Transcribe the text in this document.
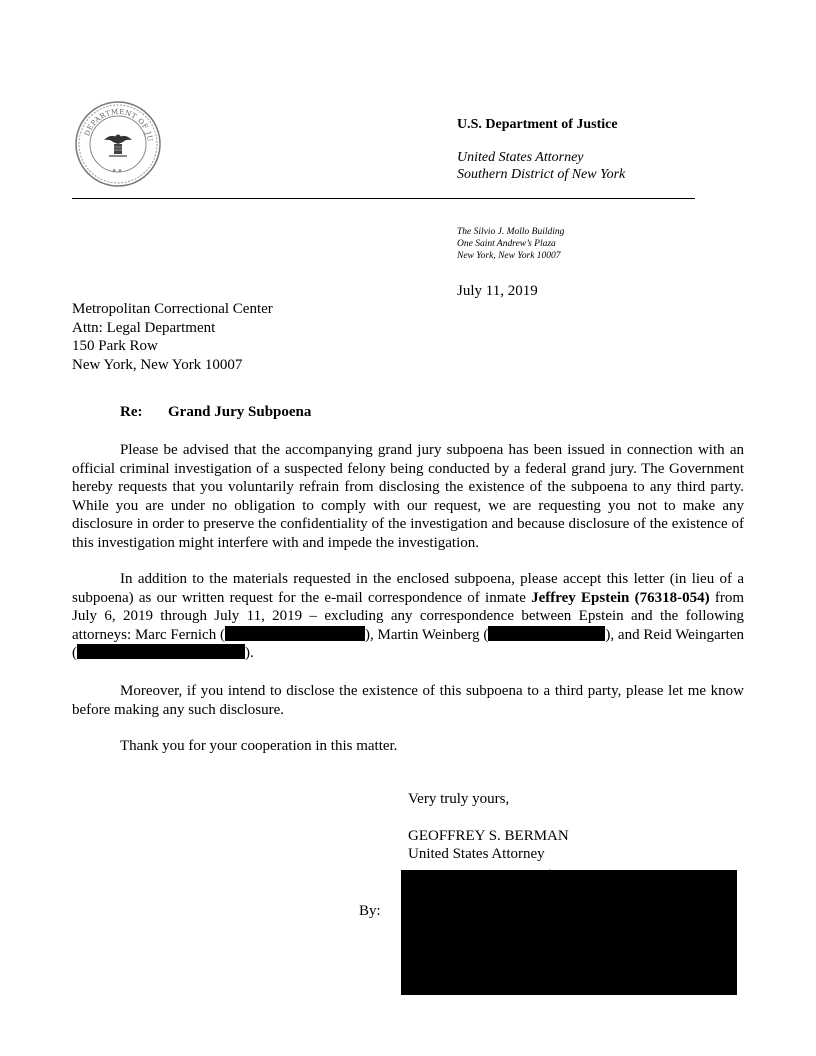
DEPARTMENT OF JU
★ ★
U.S. Department of Justice
United States Attorney
Southern District of New York
The Silvio J. Mollo Building
One Saint Andrew’s Plaza
New York, New York 10007
July 11, 2019
Metropolitan Correctional Center
Attn: Legal Department
150 Park Row
New York, New York 10007
Re: Grand Jury Subpoena

Please be advised that the accompanying grand jury subpoena has been issued in connection with an official criminal investigation of a suspected felony being conducted by a federal grand jury. The Government hereby requests that you voluntarily refrain from disclosing the existence of the subpoena to any third party. While you are under no obligation to comply with our request, we are requesting you not to make any disclosure in order to preserve the confidentiality of the investigation and because disclosure of the existence of this investigation might interfere with and impede the investigation.

In addition to the materials requested in the enclosed subpoena, please accept this letter (in lieu of a subpoena) as our written request for the e-mail correspondence of inmate Jeffrey Epstein (76318-054) from July 6, 2019 through July 11, 2019 – excluding any correspondence between Epstein and the following attorneys: Marc Fernich (	), Martin Weinberg (	), and Reid Weingarten (	).

Moreover, if you intend to disclose the existence of this subpoena to a third party, please let me know before making any such disclosure.

Thank you for your cooperation in this matter.

Very truly yours,
GEOFFREY S. BERMAN
United States Attorney
By:
